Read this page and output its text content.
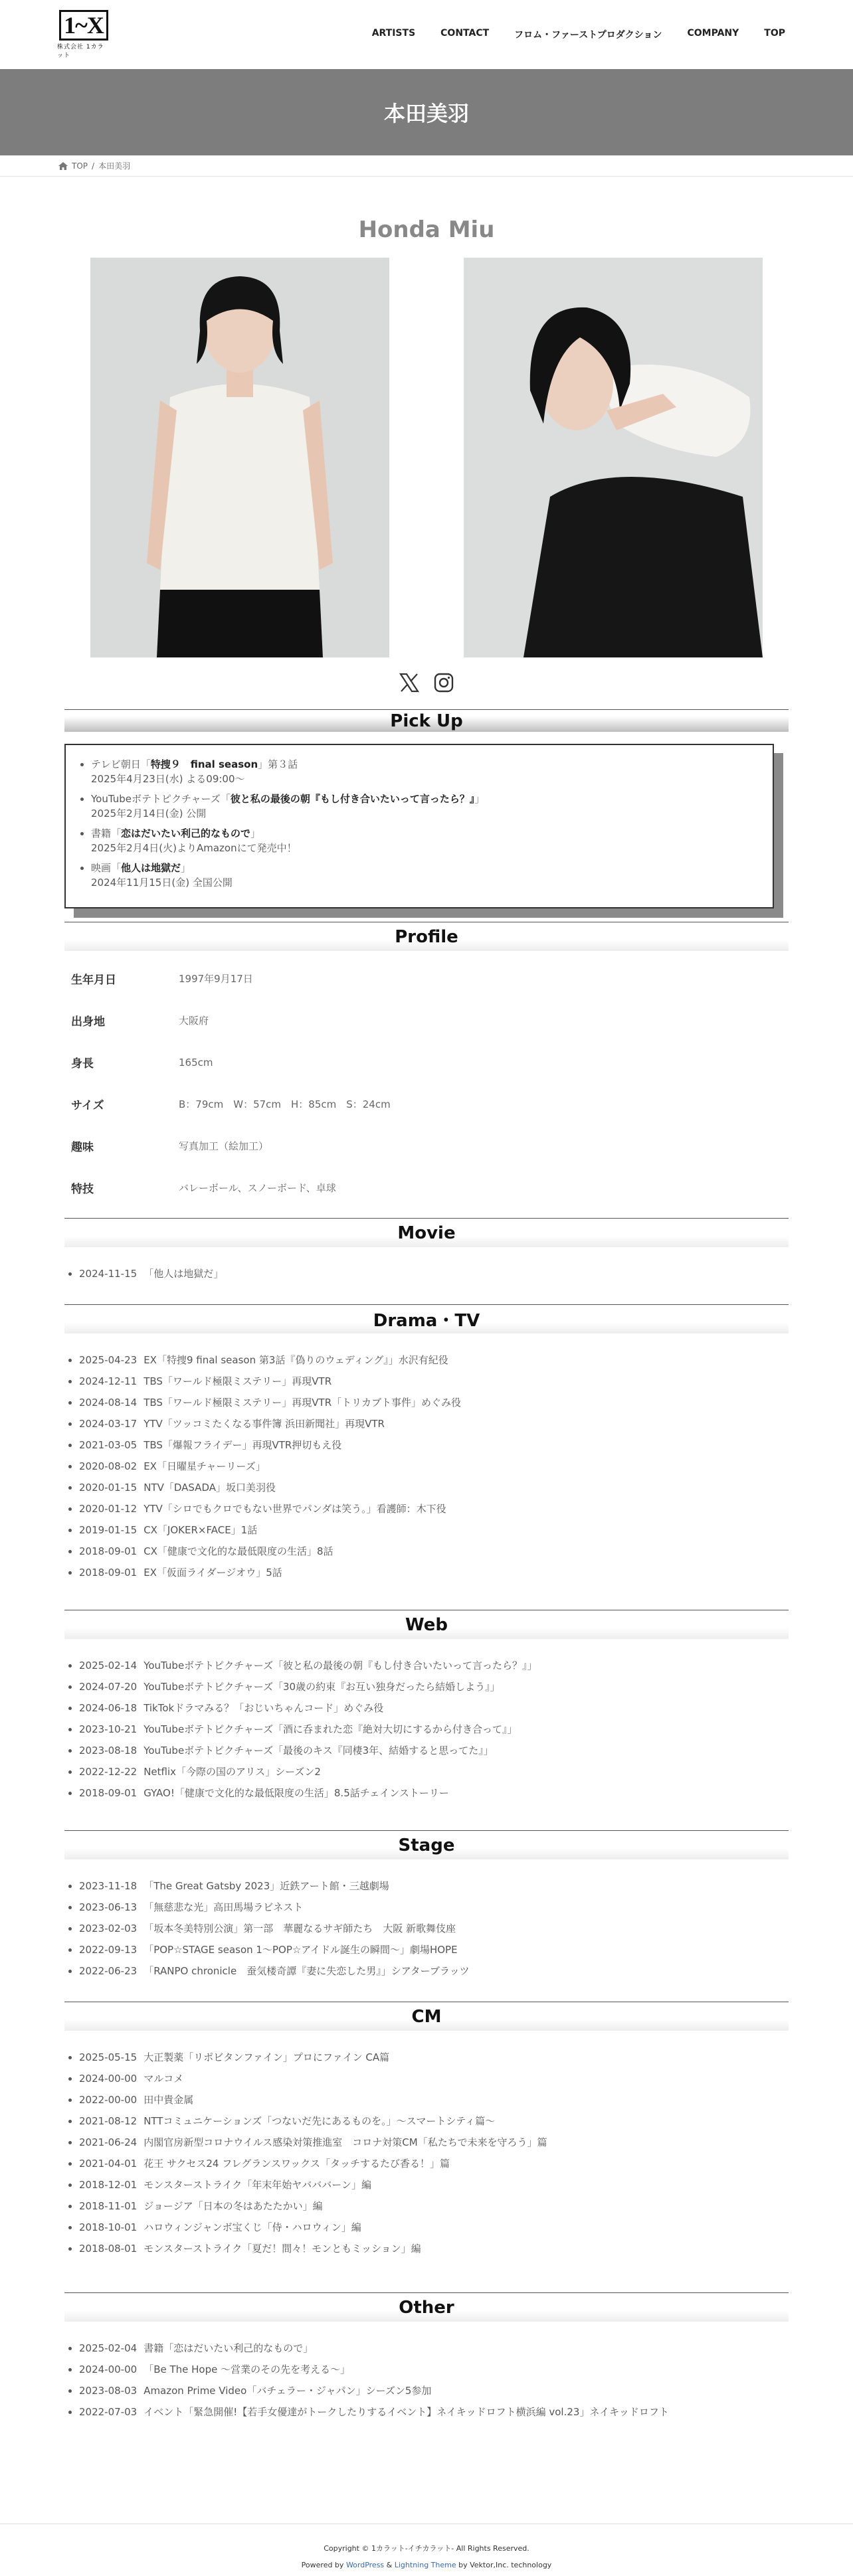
1~X
株式会社 1カラット
ARTISTS	CONTACT	フロム・ファーストプロダクション	COMPANY	TOP
本田美羽
TOP / 本田美羽
Honda Miu
Pick Up
• テレビ朝日「特捜９　final season」第３話
2025年4月23日(水) よる09:00〜
• YouTubeボテトピクチャーズ「彼と私の最後の朝『もし付き合いたいって言ったら？』」
2025年2月14日(金) 公開
• 書籍「恋はだいたい利己的なもので」
2025年2月4日(火)よりAmazonにて発売中！
• 映画「他人は地獄だ」
2024年11月15日(金) 全国公開
Profile
生年月日	1997年9月17日
出身地	大阪府
身長	165cm
サイズ	B：79cm　W：57cm　H：85cm　S：24cm
趣味	写真加工（絵加工）
特技	バレーボール、スノーボード、卓球
Movie
• 2024-11-15 「他人は地獄だ」
Drama・TV
• 2025-04-23 EX「特捜9 final season 第3話『偽りのウェディング』」水沢有紀役
• 2024-12-11 TBS「ワールド極限ミステリー」再現VTR
• 2024-08-14 TBS「ワールド極限ミステリー」再現VTR「トリカブト事件」めぐみ役
• 2024-03-17 YTV「ツッコミたくなる事件簿 浜田新聞社」再現VTR
• 2021-03-05 TBS「爆報フライデー」再現VTR押切もえ役
• 2020-08-02 EX「日曜星チャーリーズ」
• 2020-01-15 NTV「DASADA」坂口美羽役
• 2020-01-12 YTV「シロでもクロでもない世界でパンダは笑う。」看護師：木下役
• 2019-01-15 CX「JOKER×FACE」1話
• 2018-09-01 CX「健康で文化的な最低限度の生活」8話
• 2018-09-01 EX「仮面ライダージオウ」5話
Web
• 2025-02-14 YouTubeボテトピクチャーズ「彼と私の最後の朝『もし付き合いたいって言ったら？』」
• 2024-07-20 YouTubeボテトピクチャーズ「30歳の約束『お互い独身だったら結婚しよう』」
• 2024-06-18 TikTokドラマみる？「おじいちゃんコード」めぐみ役
• 2023-10-21 YouTubeボテトピクチャーズ「酒に呑まれた恋『絶対大切にするから付き合って』」
• 2023-08-18 YouTubeボテトピクチャーズ「最後のキス『同棲3年、結婚すると思ってた』」
• 2022-12-22 Netflix「今際の国のアリス」シーズン2
• 2018-09-01 GYAO!「健康で文化的な最低限度の生活」8.5話チェインストーリー
Stage
• 2023-11-18 「The Great Gatsby 2023」近鉄アート館・三越劇場
• 2023-06-13 「無慈悲な光」高田馬場ラビネスト
• 2023-02-03 「坂本冬美特別公演」第一部　華麗なるサギ師たち　大阪 新歌舞伎座
• 2022-09-13 「POP☆STAGE season 1～POP☆アイドル誕生の瞬間～」劇場HOPE
• 2022-06-23 「RANPO chronicle　蚕気楼奇譚『妻に失恋した男』」シアターブラッツ
CM
• 2025-05-15 大正製薬「リポビタンファイン」プロにファイン CA篇
• 2024-00-00 マルコメ
• 2022-00-00 田中貴金属
• 2021-08-12 NTTコミュニケーションズ「つないだ先にあるものを。」～スマートシティ篇～
• 2021-06-24 内閣官房新型コロナウイルス感染対策推進室　コロナ対策CM「私たちで未来を守ろう」篇
• 2021-04-01 花王 サクセス24 フレグランスワックス「タッチするたび香る！」篇
• 2018-12-01 モンスターストライク「年末年始ヤバババーン」編
• 2018-11-01 ジョージア「日本の冬はあたたかい」編
• 2018-10-01 ハロウィンジャンボ宝くじ「侍・ハロウィン」編
• 2018-08-01 モンスターストライク「夏だ！間々！モンともミッション」編
Other
• 2025-02-04 書籍「恋はだいたい利己的なもので」
• 2024-00-00 「Be The Hope ～営業のその先を考える～」
• 2023-08-03 Amazon Prime Video「バチェラー・ジャパン」シーズン5参加
• 2022-07-03 イベント「緊急開催!【若手女優達がトークしたりするイベント】ネイキッドロフト横浜編 vol.23」ネイキッドロフト
Copyright © 1カラット-イチカラット- All Rights Reserved.
Powered by WordPress & Lightning Theme by Vektor,Inc. technology
